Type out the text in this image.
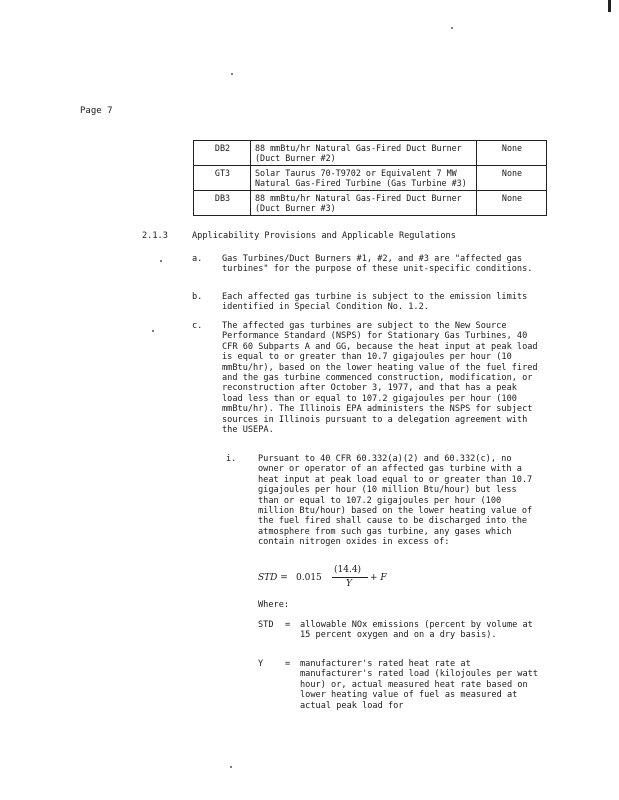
Page 7
DB2	88 mmBtu/hr Natural Gas-Fired Duct Burner (Duct Burner #2)	None
GT3	Solar Taurus 70-T9702 or Equivalent 7 MW Natural Gas-Fired Turbine (Gas Turbine #3)	None
DB3	88 mmBtu/hr Natural Gas-Fired Duct Burner (Duct Burner #3)	None
2.1.3	Applicability Provisions and Applicable Regulations
a. Gas Turbines/Duct Burners #1, #2, and #3 are "affected gas turbines" for the purpose of these unit-specific conditions.
b. Each affected gas turbine is subject to the emission limits identified in Special Condition No. 1.2.
c. The affected gas turbines are subject to the New Source Performance Standard (NSPS) for Stationary Gas Turbines, 40 CFR 60 Subparts A and GG, because the heat input at peak load is equal to or greater than 10.7 gigajoules per hour (10 mmBtu/hr), based on the lower heating value of the fuel fired and the gas turbine commenced construction, modification, or reconstruction after October 3, 1977, and that has a peak load less than or equal to 107.2 gigajoules per hour (100 mmBtu/hr). The Illinois EPA administers the NSPS for subject sources in Illinois pursuant to a delegation agreement with the USEPA.
i.	Pursuant to 40 CFR 60.332(a)(2) and 60.332(c), no owner or operator of an affected gas turbine with a heat input at peak load equal to or greater than 10.7 gigajoules per hour (10 million Btu/hour) but less than or equal to 107.2 gigajoules per hour (100 million Btu/hour) based on the lower heating value of the fuel fired shall cause to be discharged into the atmosphere from such gas turbine, any gases which contain nitrogen oxides in excess of:
STD = 0.015
(14.4)
Y
+ F
Where:
STD = allowable NOx emissions (percent by volume at 15 percent oxygen and on a dry basis).
Y	= manufacturer's rated heat rate at manufacturer's rated load (kilojoules per watt hour) or, actual measured heat rate based on lower heating value of fuel as measured at actual peak load for
